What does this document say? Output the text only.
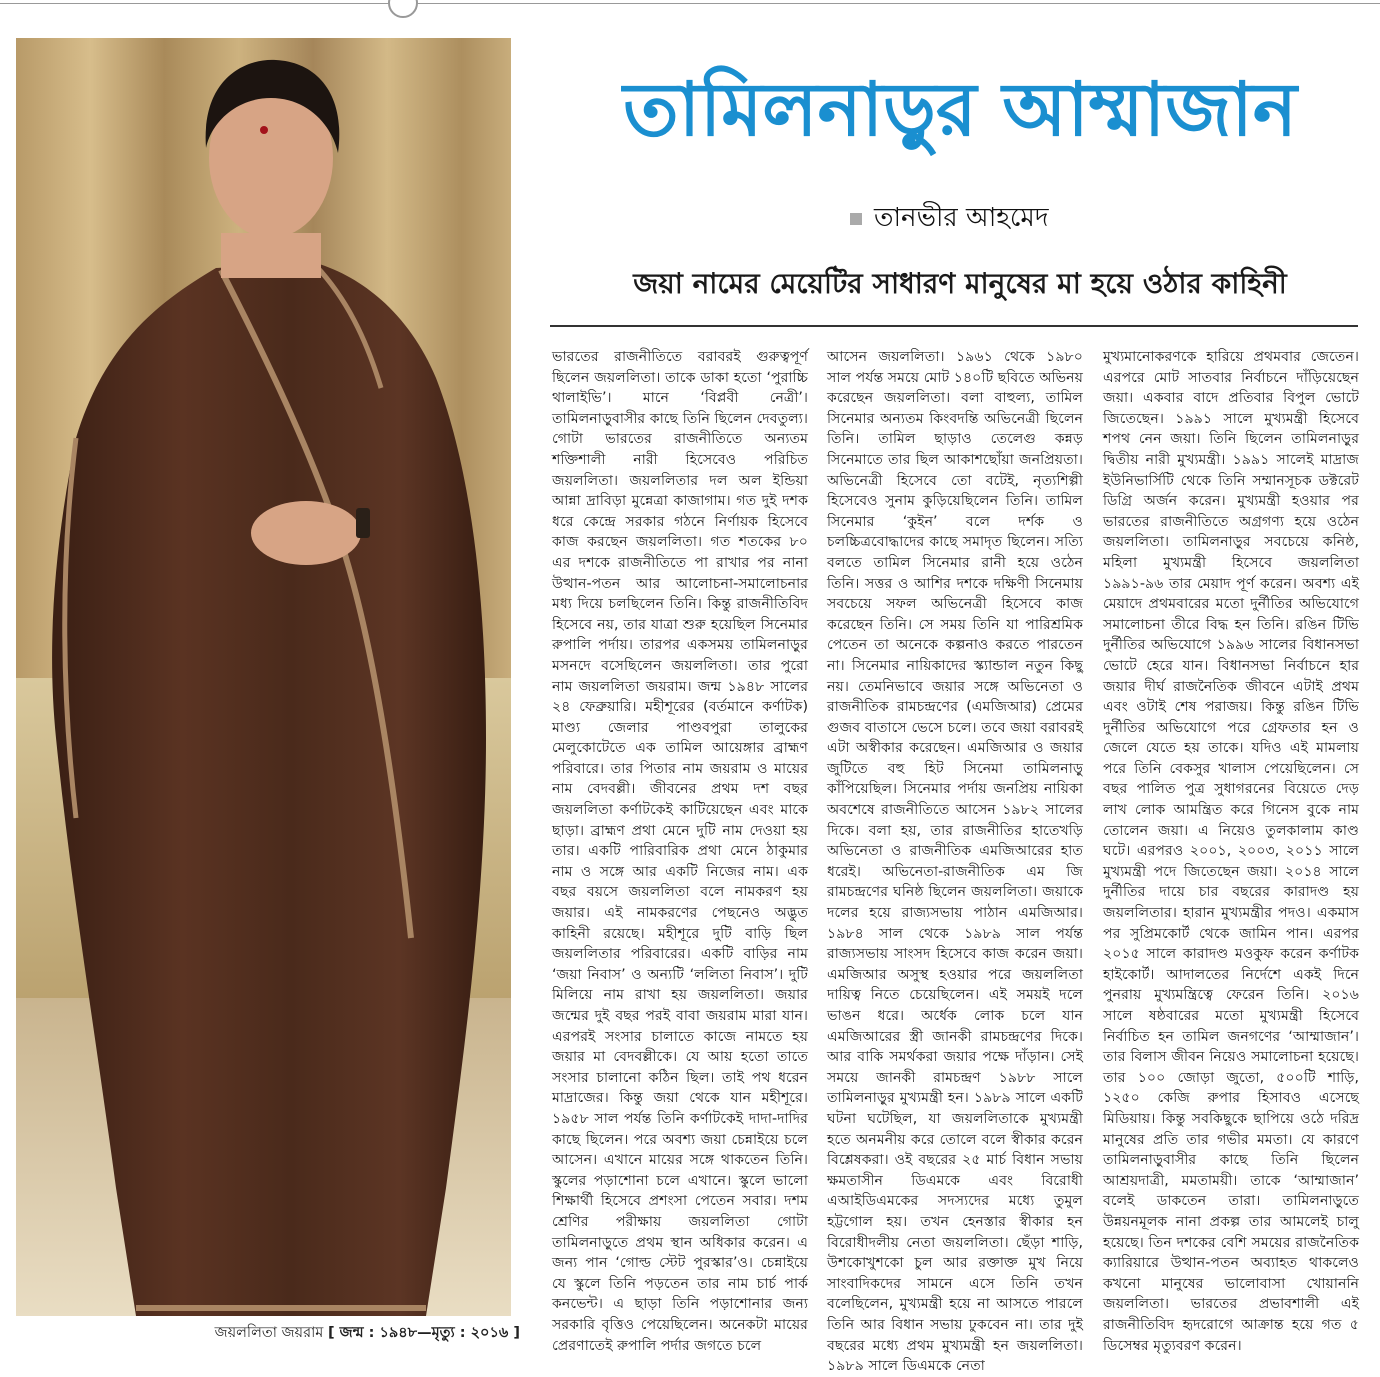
জয়ললিতা জয়রাম [ জন্ম : ১৯৪৮—মৃত্যু : ২০১৬ ]
তামিলনাড়ুর আম্মাজান
তানভীর আহমেদ
জয়া নামের মেয়েটির সাধারণ মানুষের মা হয়ে ওঠার কাহিনী
ভারতের রাজনীতিতে বরাবরই গুরুত্বপূর্ণ ছিলেন জয়ললিতা। তাকে ডাকা হতো ‘পুরাচ্চি থালাইভি’। মানে ‘বিপ্লবী নেত্রী’। তামিলনাড়ুবাসীর কাছে তিনি ছিলেন দেবতুল্য। গোটা ভারতের রাজনীতিতে অন্যতম শক্তিশালী নারী হিসেবেও পরিচিত জয়ললিতা। জয়ললিতার দল অল ইন্ডিয়া আন্না দ্রাবিড়া মুন্নেত্রা কাজাগাম। গত দুই দশক ধরে কেন্দ্রে সরকার গঠনে নির্ণায়ক হিসেবে কাজ করছেন জয়ললিতা। গত শতকের ৮০ এর দশকে রাজনীতিতে পা রাখার পর নানা উত্থান-পতন আর আলোচনা-সমালোচনার মধ্য দিয়ে চলছিলেন তিনি। কিন্তু রাজনীতিবিদ হিসেবে নয়, তার যাত্রা শুরু হয়েছিল সিনেমার রুপালি পর্দায়। তারপর একসময় তামিলনাড়ুর মসনদে বসেছিলেন জয়ললিতা। তার পুরো নাম জয়ললিতা জয়রাম। জন্ম ১৯৪৮ সালের ২৪ ফেব্রুয়ারি। মহীশূরের (বর্তমানে কর্ণাটক) মাণ্ড্য জেলার পাণ্ডবপুরা তালুকের মেলুকোটেতে এক তামিল আয়েঙ্গার ব্রাহ্মণ পরিবারে। তার পিতার নাম জয়রাম ও মায়ের নাম বেদবল্লী। জীবনের প্রথম দশ বছর জয়ললিতা কর্ণাটকেই কাটিয়েছেন এবং মাকে ছাড়া। ব্রাহ্মণ প্রথা মেনে দুটি নাম দেওয়া হয় তার। একটি পারিবারিক প্রথা মেনে ঠাকুমার নাম ও সঙ্গে আর একটি নিজের নাম। এক বছর বয়সে জয়ললিতা বলে নামকরণ হয় জয়ার। এই নামকরণের পেছনেও অদ্ভুত কাহিনী রয়েছে। মহীশূরে দুটি বাড়ি ছিল জয়ললিতার পরিবারের। একটি বাড়ির নাম ‘জয়া নিবাস’ ও অন্যটি ‘ললিতা নিবাস’। দুটি মিলিয়ে নাম রাখা হয় জয়ললিতা। জয়ার জন্মের দুই বছর পরই বাবা জয়রাম মারা যান। এরপরই সংসার চালাতে কাজে নামতে হয় জয়ার মা বেদবল্লীকে। যে আয় হতো তাতে সংসার চালানো কঠিন ছিল। তাই পথ ধরেন মাদ্রাজের। কিন্তু জয়া থেকে যান মহীশূরে। ১৯৫৮ সাল পর্যন্ত তিনি কর্ণাটকেই দাদা-দাদির কাছে ছিলেন। পরে অবশ্য জয়া চেন্নাইয়ে চলে আসেন। এখানে মায়ের সঙ্গে থাকতেন তিনি। স্কুলের পড়াশোনা চলে এখানে। স্কুলে ভালো শিক্ষার্থী হিসেবে প্রশংসা পেতেন সবার। দশম শ্রেণির পরীক্ষায় জয়ললিতা গোটা তামিলনাড়ুতে প্রথম স্থান অধিকার করেন। এ জন্য পান ‘গোল্ড স্টেট পুরস্কার’ও। চেন্নাইয়ে যে স্কুলে তিনি পড়তেন তার নাম চার্চ পার্ক কনভেন্ট। এ ছাড়া তিনি পড়াশোনার জন্য সরকারি বৃত্তিও পেয়েছিলেন। অনেকটা মায়ের প্রেরণাতেই রুপালি পর্দার জগতে চলে
আসেন জয়ললিতা। ১৯৬১ থেকে ১৯৮০ সাল পর্যন্ত সময়ে মোট ১৪০টি ছবিতে অভিনয় করেছেন জয়ললিতা। বলা বাহুল্য, তামিল সিনেমার অন্যতম কিংবদন্তি অভিনেত্রী ছিলেন তিনি। তামিল ছাড়াও তেলেগু কন্নড় সিনেমাতে তার ছিল আকাশছোঁয়া জনপ্রিয়তা। অভিনেত্রী হিসেবে তো বটেই, নৃত্যশিল্পী হিসেবেও সুনাম কুড়িয়েছিলেন তিনি। তামিল সিনেমার ‘কুইন’ বলে দর্শক ও চলচ্চিত্রবোদ্ধাদের কাছে সমাদৃত ছিলেন। সত্যি বলতে তামিল সিনেমার রানী হয়ে ওঠেন তিনি। সত্তর ও আশির দশকে দক্ষিণী সিনেমায় সবচেয়ে সফল অভিনেত্রী হিসেবে কাজ করেছেন তিনি। সে সময় তিনি যা পারিশ্রমিক পেতেন তা অনেকে কল্পনাও করতে পারতেন না। সিনেমার নায়িকাদের স্ক্যান্ডাল নতুন কিছু নয়। তেমনিভাবে জয়ার সঙ্গে অভিনেতা ও রাজনীতিক রামচন্দ্রণের (এমজিআর) প্রেমের গুজব বাতাসে ভেসে চলে। তবে জয়া বরাবরই এটা অস্বীকার করেছেন। এমজিআর ও জয়ার জুটিতে বহু হিট সিনেমা তামিলনাড়ু কাঁপিয়েছিল। সিনেমার পর্দায় জনপ্রিয় নায়িকা অবশেষে রাজনীতিতে আসেন ১৯৮২ সালের দিকে। বলা হয়, তার রাজনীতির হাতেখড়ি অভিনেতা ও রাজনীতিক এমজিআরের হাত ধরেই। অভিনেতা-রাজনীতিক এম জি রামচন্দ্রণের ঘনিষ্ঠ ছিলেন জয়ললিতা। জয়াকে দলের হয়ে রাজ্যসভায় পাঠান এমজিআর। ১৯৮৪ সাল থেকে ১৯৮৯ সাল পর্যন্ত রাজ্যসভায় সাংসদ হিসেবে কাজ করেন জয়া। এমজিআর অসুস্থ হওয়ার পরে জয়ললিতা দায়িত্ব নিতে চেয়েছিলেন। এই সময়ই দলে ভাঙন ধরে। অর্ধেক লোক চলে যান এমজিআরের স্ত্রী জানকী রামচন্দ্রণের দিকে। আর বাকি সমর্থকরা জয়ার পক্ষে দাঁড়ান। সেই সময়ে জানকী রামচন্দ্রণ ১৯৮৮ সালে তামিলনাড়ুর মুখ্যমন্ত্রী হন। ১৯৮৯ সালে একটি ঘটনা ঘটেছিল, যা জয়ললিতাকে মুখ্যমন্ত্রী হতে অনমনীয় করে তোলে বলে স্বীকার করেন বিশ্লেষকরা। ওই বছরের ২৫ মার্চ বিধান সভায় ক্ষমতাসীন ডিএমকে এবং বিরোধী এআইডিএমকের সদস্যদের মধ্যে তুমুল হট্টগোল হয়। তখন হেনস্তার স্বীকার হন বিরোধীদলীয় নেতা জয়ললিতা। ছেঁড়া শাড়ি, উশকোখুশকো চুল আর রক্তাক্ত মুখ নিয়ে সাংবাদিকদের সামনে এসে তিনি তখন বলেছিলেন, মুখ্যমন্ত্রী হয়ে না আসতে পারলে তিনি আর বিধান সভায় ঢুকবেন না। তার দুই বছরের মধ্যে প্রথম মুখ্যমন্ত্রী হন জয়ললিতা। ১৯৮৯ সালে ডিএমকে নেতা
মুখ্যমানোকরণকে হারিয়ে প্রথমবার জেতেন। এরপরে মোট সাতবার নির্বাচনে দাঁড়িয়েছেন জয়া। একবার বাদে প্রতিবার বিপুল ভোটে জিতেছেন। ১৯৯১ সালে মুখ্যমন্ত্রী হিসেবে শপথ নেন জয়া। তিনি ছিলেন তামিলনাড়ুর দ্বিতীয় নারী মুখ্যমন্ত্রী। ১৯৯১ সালেই মাদ্রাজ ইউনিভার্সিটি থেকে তিনি সম্মানসূচক ডক্টরেট ডিগ্রি অর্জন করেন। মুখ্যমন্ত্রী হওয়ার পর ভারতের রাজনীতিতে অগ্রগণ্য হয়ে ওঠেন জয়ললিতা। তামিলনাড়ুর সবচেয়ে কনিষ্ঠ, মহিলা মুখ্যমন্ত্রী হিসেবে জয়ললিতা ১৯৯১-৯৬ তার মেয়াদ পূর্ণ করেন। অবশ্য এই মেয়াদে প্রথমবারের মতো দুর্নীতির অভিযোগে সমালোচনা তীরে বিদ্ধ হন তিনি। রঙিন টিভি দুর্নীতির অভিযোগে ১৯৯৬ সালের বিধানসভা ভোটে হেরে যান। বিধানসভা নির্বাচনে হার জয়ার দীর্ঘ রাজনৈতিক জীবনে এটাই প্রথম এবং ওটাই শেষ পরাজয়। কিন্তু রঙিন টিভি দুর্নীতির অভিযোগে পরে গ্রেফতার হন ও জেলে যেতে হয় তাকে। যদিও এই মামলায় পরে তিনি বেকসুর খালাস পেয়েছিলেন। সে বছর পালিত পুত্র সুধাগরনের বিয়েতে দেড় লাখ লোক আমন্ত্রিত করে গিনেস বুকে নাম তোলেন জয়া। এ নিয়েও তুলকালাম কাণ্ড ঘটে। এরপরও ২০০১, ২০০৩, ২০১১ সালে মুখ্যমন্ত্রী পদে জিতেছেন জয়া। ২০১৪ সালে দুর্নীতির দায়ে চার বছরের কারাদণ্ড হয় জয়ললিতার। হারান মুখ্যমন্ত্রীর পদও। একমাস পর সুপ্রিমকোর্ট থেকে জামিন পান। এরপর ২০১৫ সালে কারাদণ্ড মওকুফ করেন কর্ণাটক হাইকোর্ট। আদালতের নির্দেশে একই দিনে পুনরায় মুখ্যমন্ত্রিত্বে ফেরেন তিনি। ২০১৬ সালে ষষ্ঠবারের মতো মুখ্যমন্ত্রী হিসেবে নির্বাচিত হন তামিল জনগণের ‘আম্মাজান’। তার বিলাস জীবন নিয়েও সমালোচনা হয়েছে। তার ১০০ জোড়া জুতো, ৫০০টি শাড়ি, ১২৫০ কেজি রুপার হিসাবও এসেছে মিডিয়ায়। কিন্তু সবকিছুকে ছাপিয়ে ওঠে দরিদ্র মানুষের প্রতি তার গভীর মমতা। যে কারণে তামিলনাড়ুবাসীর কাছে তিনি ছিলেন আশ্রয়দাত্রী, মমতাময়ী। তাকে ‘আম্মাজান’ বলেই ডাকতেন তারা। তামিলনাড়ুতে উন্নয়নমূলক নানা প্রকল্প তার আমলেই চালু হয়েছে। তিন দশকের বেশি সময়ের রাজনৈতিক ক্যারিয়ারে উত্থান-পতন অব্যাহত থাকলেও কখনো মানুষের ভালোবাসা খোয়াননি জয়ললিতা। ভারতের প্রভাবশালী এই রাজনীতিবিদ হৃদরোগে আক্রান্ত হয়ে গত ৫ ডিসেম্বর মৃত্যুবরণ করেন।
